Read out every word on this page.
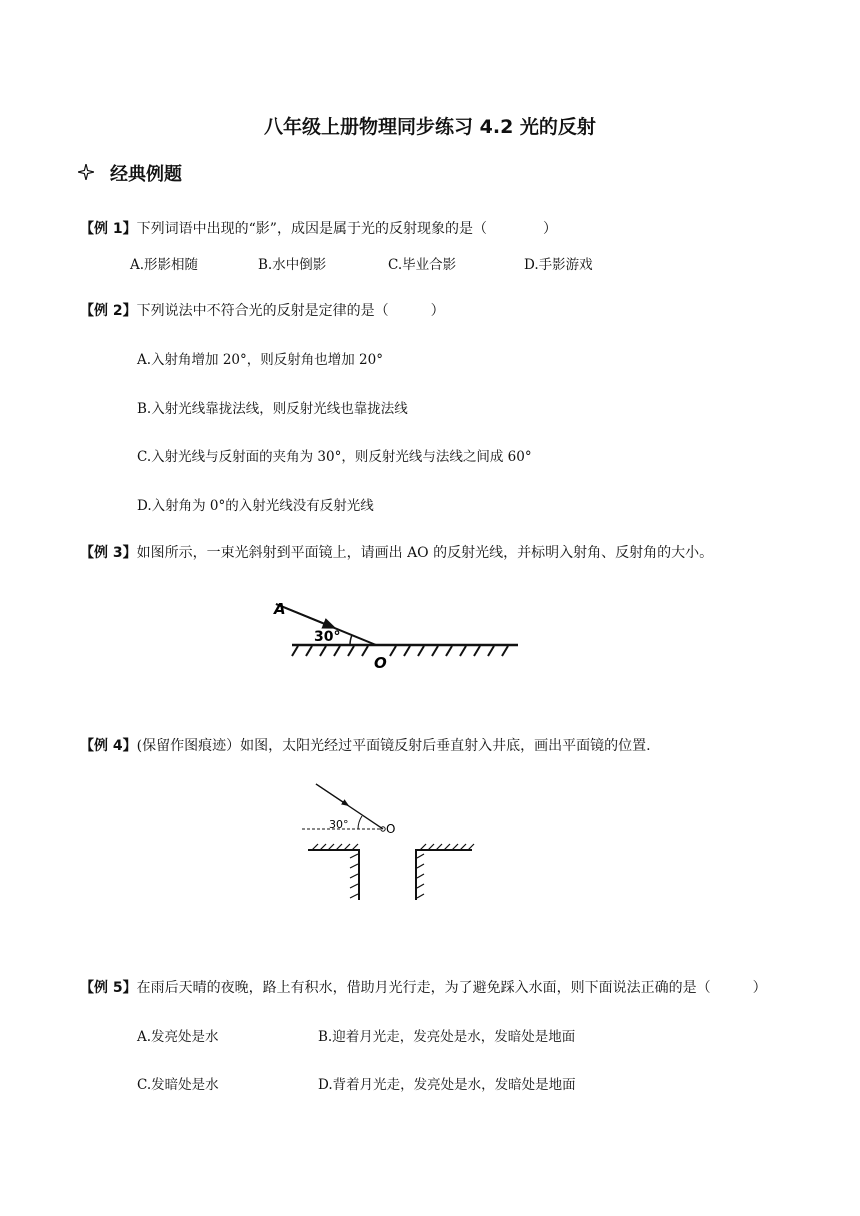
八年级上册物理同步练习 4.2 光的反射
经典例题
【例 1】下列词语中出现的“影”，成因是属于光的反射现象的是（　　　　）
A.形影相随	B.水中倒影	C.毕业合影	D.手影游戏
【例 2】下列说法中不符合光的反射是定律的是（　　　）
A.入射角增加 20°，则反射角也增加 20°
B.入射光线靠拢法线，则反射光线也靠拢法线
C.入射光线与反射面的夹角为 30°，则反射光线与法线之间成 60°
D.入射角为 0°的入射光线没有反射光线
【例 3】如图所示，一束光斜射到平面镜上，请画出 AO 的反射光线，并标明入射角、反射角的大小。
A
30°
O
【例 4】(保留作图痕迹）如图，太阳光经过平面镜反射后垂直射入井底，画出平面镜的位置.
30°	O
【例 5】在雨后天晴的夜晚，路上有积水，借助月光行走，为了避免踩入水面，则下面说法正确的是（　　　）
A.发亮处是水	B.迎着月光走，发亮处是水，发暗处是地面
C.发暗处是水	D.背着月光走，发亮处是水，发暗处是地面
